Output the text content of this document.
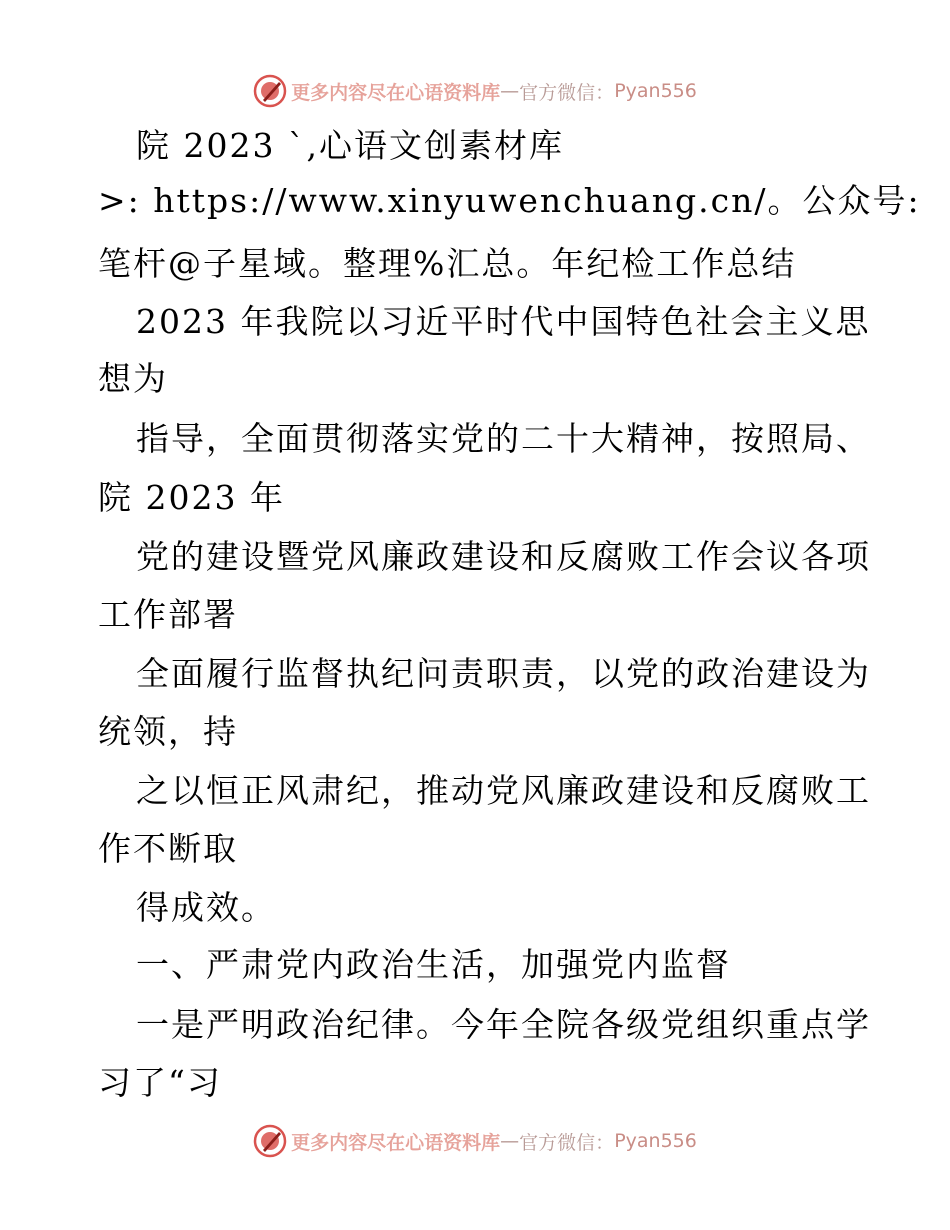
更多内容尽在心语资料库 — 官方微信： Pyan556
院 2023 `,心语文创素材库
>: https://www.xinyuwenchuang.cn/。公众号:
笔杆@子星域。整理%汇总。年纪检工作总结
2023 年我院以习近平时代中国特色社会主义思
想为
指导，全面贯彻落实党的二十大精神，按照局、
院 2023 年
党的建设暨党风廉政建设和反腐败工作会议各项
工作部署
全面履行监督执纪问责职责，以党的政治建设为
统领，持
之以恒正风肃纪，推动党风廉政建设和反腐败工
作不断取
得成效。
一、严肃党内政治生活，加强党内监督
一是严明政治纪律。今年全院各级党组织重点学
习了“习
更多内容尽在心语资料库 — 官方微信： Pyan556
